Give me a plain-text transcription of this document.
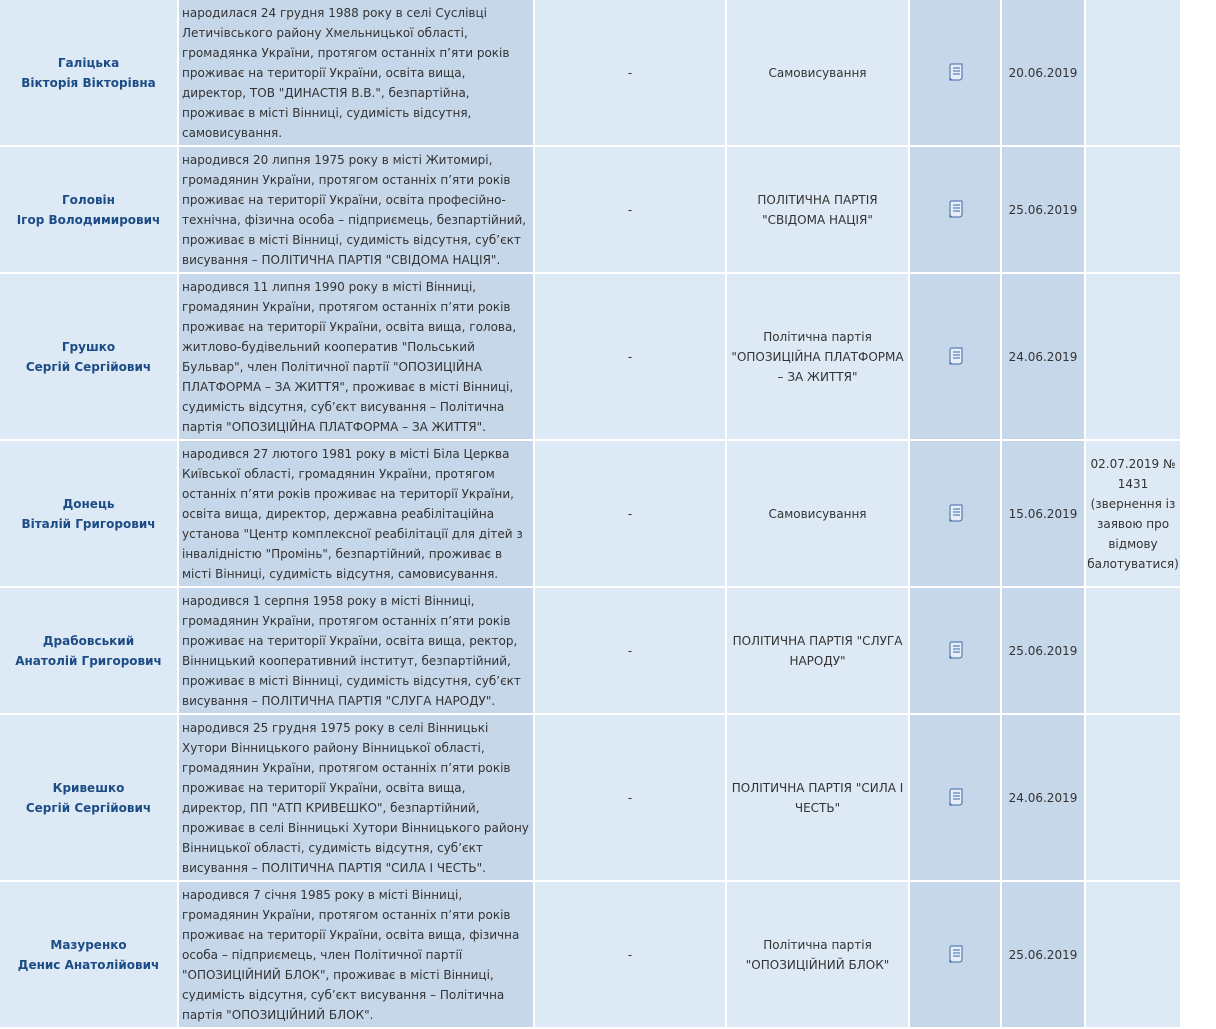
Галіцька
Вікторія Вікторівна	народилася 24 грудня 1988 року в селі Суслівці Летичівського району Хмельницької області, громадянка України, протягом останніх п’яти років проживає на території України, освіта вища, директор, ТОВ "ДИНАСТІЯ В.В.", безпартійна, проживає в місті Вінниці, судимість відсутня, самовисування.	-	Самовисування		20.06.2019	
Головін
Ігор Володимирович	народився 20 липня 1975 року в місті Житомирі, громадянин України, протягом останніх п’яти років проживає на території України, освіта професійно-технічна, фізична особа – підприємець, безпартійний, проживає в місті Вінниці, судимість відсутня, суб’єкт висування – ПОЛІТИЧНА ПАРТІЯ "СВІДОМА НАЦІЯ".	-	ПОЛІТИЧНА ПАРТІЯ "СВІДОМА НАЦІЯ"		25.06.2019	
Грушко
Сергій Сергійович	народився 11 липня 1990 року в місті Вінниці, громадянин України, протягом останніх п’яти років проживає на території України, освіта вища, голова, житлово-будівельний кооператив "Польський Бульвар", член Політичної партії "ОПОЗИЦІЙНА ПЛАТФОРМА – ЗА ЖИТТЯ", проживає в місті Вінниці, судимість відсутня, суб’єкт висування – Політична партія "ОПОЗИЦІЙНА ПЛАТФОРМА – ЗА ЖИТТЯ".	-	Політична партія "ОПОЗИЦІЙНА ПЛАТФОРМА – ЗА ЖИТТЯ"		24.06.2019	
Донець
Віталій Григорович	народився 27 лютого 1981 року в місті Біла Церква Київської області, громадянин України, протягом останніх п’яти років проживає на території України, освіта вища, директор, державна реабілітаційна установа "Центр комплексної реабілітації для дітей з інвалідністю "Промінь", безпартійний, проживає в місті Вінниці, судимість відсутня, самовисування.	-	Самовисування		15.06.2019	02.07.2019 № 1431 (звернення із заявою про відмову балотуватися)
Драбовський
Анатолій Григорович	народився 1 серпня 1958 року в місті Вінниці, громадянин України, протягом останніх п’яти років проживає на території України, освіта вища, ректор, Вінницький кооперативний інститут, безпартійний, проживає в місті Вінниці, судимість відсутня, суб’єкт висування – ПОЛІТИЧНА ПАРТІЯ "СЛУГА НАРОДУ".	-	ПОЛІТИЧНА ПАРТІЯ "СЛУГА НАРОДУ"		25.06.2019	
Кривешко
Сергій Сергійович	народився 25 грудня 1975 року в селі Вінницькі Хутори Вінницького району Вінницької області, громадянин України, протягом останніх п’яти років проживає на території України, освіта вища, директор, ПП "АТП КРИВЕШКО", безпартійний, проживає в селі Вінницькі Хутори Вінницького району Вінницької області, судимість відсутня, суб’єкт висування – ПОЛІТИЧНА ПАРТІЯ "СИЛА І ЧЕСТЬ".	-	ПОЛІТИЧНА ПАРТІЯ "СИЛА І ЧЕСТЬ"		24.06.2019	
Мазуренко
Денис Анатолійович	народився 7 січня 1985 року в місті Вінниці, громадянин України, протягом останніх п’яти років проживає на території України, освіта вища, фізична особа – підприємець, член Політичної партії "ОПОЗИЦІЙНИЙ БЛОК", проживає в місті Вінниці, судимість відсутня, суб’єкт висування – Політична партія "ОПОЗИЦІЙНИЙ БЛОК".	-	Політична партія "ОПОЗИЦІЙНИЙ БЛОК"		25.06.2019	
